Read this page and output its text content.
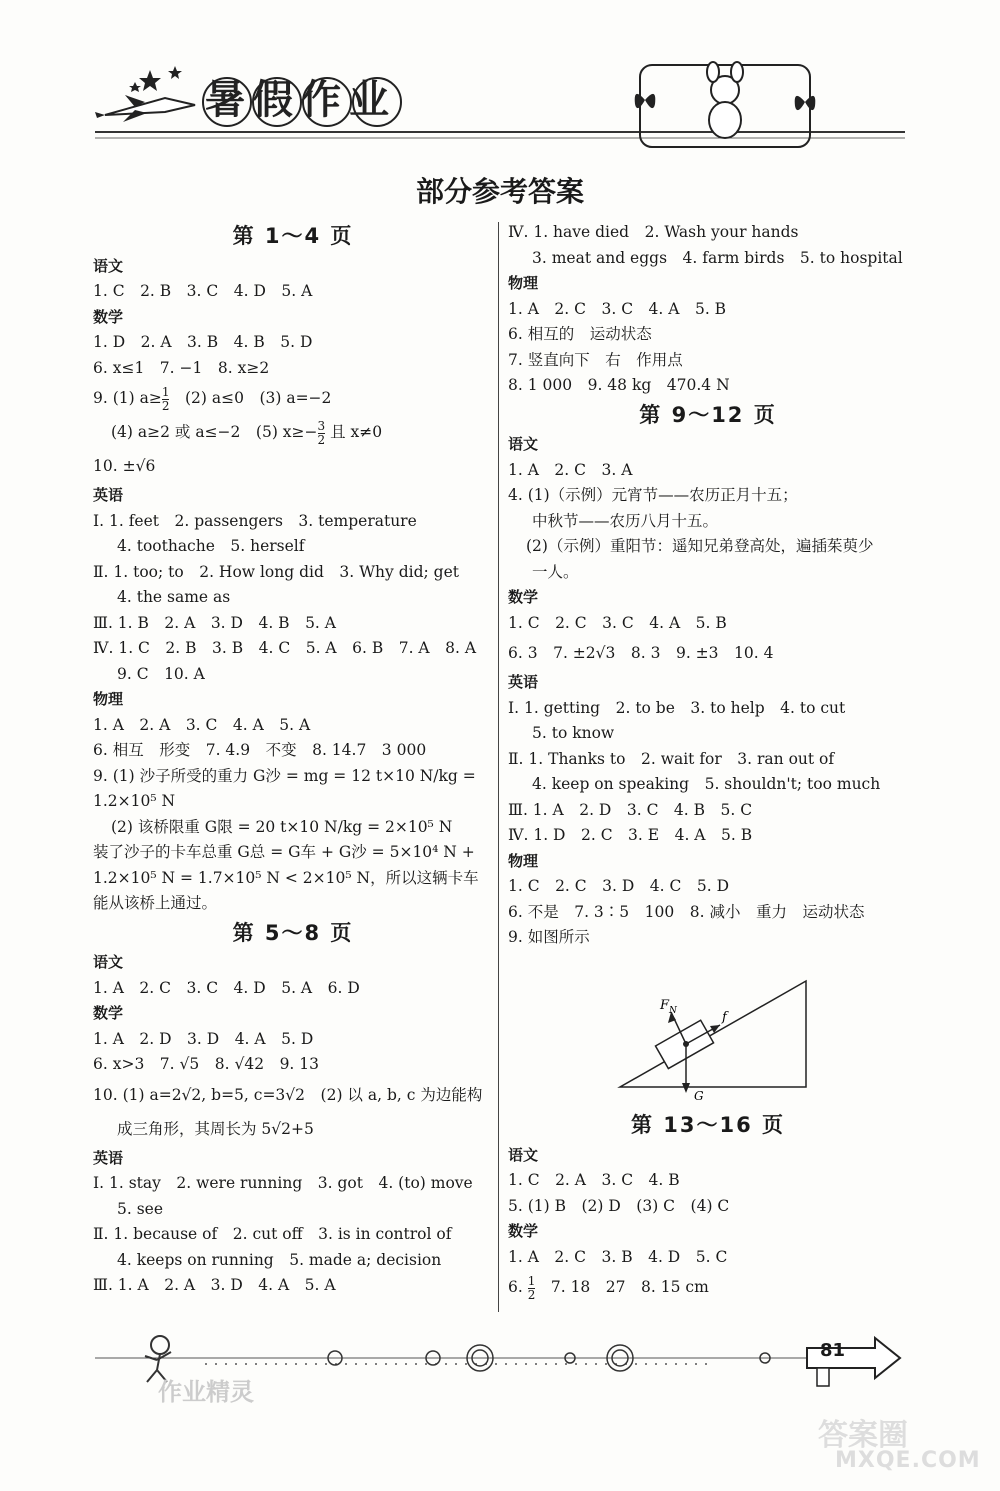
暑假作业
部分参考答案
第 1～4 页
语文
1. C　2. B　3. C　4. D　5. A
数学
1. D　2. A　3. B　4. B　5. D
6. x≤1　7. −1　8. x≥2
9. (1) $a\ge \frac{1}{2}$ 　(2) a≤0　(3) a=−2
(4) a≥2 或 a≤−2　(5) $x\ge- \frac{3}{2}$ 且 x≠0
10. ±√6
英语
Ⅰ. 1. feet　2. passengers　3. temperature
4. toothache　5. herself
Ⅱ. 1. too; to　2. How long did　3. Why did; get
4. the same as
Ⅲ. 1. B　2. A　3. D　4. B　5. A
Ⅳ. 1. C　2. B　3. B　4. C　5. A　6. B　7. A　8. A
9. C　10. A
物理
1. A　2. A　3. C　4. A　5. A
6. 相互　形变　7. 4.9　不变　8. 14.7　3 000
9. (1) 沙子所受的重力 G沙 = mg = 12 t×10 N/kg =
1.2×10⁵ N
(2) 该桥限重 G限 = 20 t×10 N/kg = 2×10⁵ N
装了沙子的卡车总重 G总 = G车 + G沙 = 5×10⁴ N +
1.2×10⁵ N = 1.7×10⁵ N < 2×10⁵ N，所以这辆卡车
能从该桥上通过。
第 5～8 页
语文
1. A　2. C　3. C　4. D　5. A　6. D
数学
1. A　2. D　3. D　4. A　5. D
6. x>3　7. √5　8. √42　9. 13
10. (1) a=2√2, b=5, c=3√2　(2) 以 a, b, c 为边能构
成三角形，其周长为 5√2+5
英语
Ⅰ. 1. stay　2. were running　3. got　4. (to) move
5. see
Ⅱ. 1. because of　2. cut off　3. is in control of
4. keeps on running　5. made a; decision
Ⅲ. 1. A　2. A　3. D　4. A　5. A
Ⅳ. 1. have died　2. Wash your hands
3. meat and eggs　4. farm birds　5. to hospital
物理
1. A　2. C　3. C　4. A　5. B
6. 相互的　运动状态
7. 竖直向下　右　作用点
8. 1 000　9. 48 kg　470.4 N
第 9～12 页
语文
1. A　2. C　3. A
4. (1)（示例）元宵节——农历正月十五；
中秋节——农历八月十五。
(2)（示例）重阳节：遥知兄弟登高处，遍插茱萸少
一人。
数学
1. C　2. C　3. C　4. A　5. B
6. 3　7. ±2√3　8. 3　9. ±3　10. 4
英语
Ⅰ. 1. getting　2. to be　3. to help　4. to cut
5. to know
Ⅱ. 1. Thanks to　2. wait for　3. ran out of
4. keep on speaking　5. shouldn't; too much
Ⅲ. 1. A　2. D　3. C　4. B　5. C
Ⅳ. 1. D　2. C　3. E　4. A　5. B
物理
1. C　2. C　3. D　4. C　5. D
6. 不是　7. 3∶5　100　8. 减小　重力　运动状态
9. 如图所示
F N	f
G
第 13～16 页
语文
1. C　2. A　3. C　4. B
5. (1) B　(2) D　(3) C　(4) C
数学
1. A　2. C　3. B　4. D　5. C
6. $\frac{1}{2}$ 　7. 18　27　8. 15 cm
81
答案圈
MXQE.COM
作业精灵
